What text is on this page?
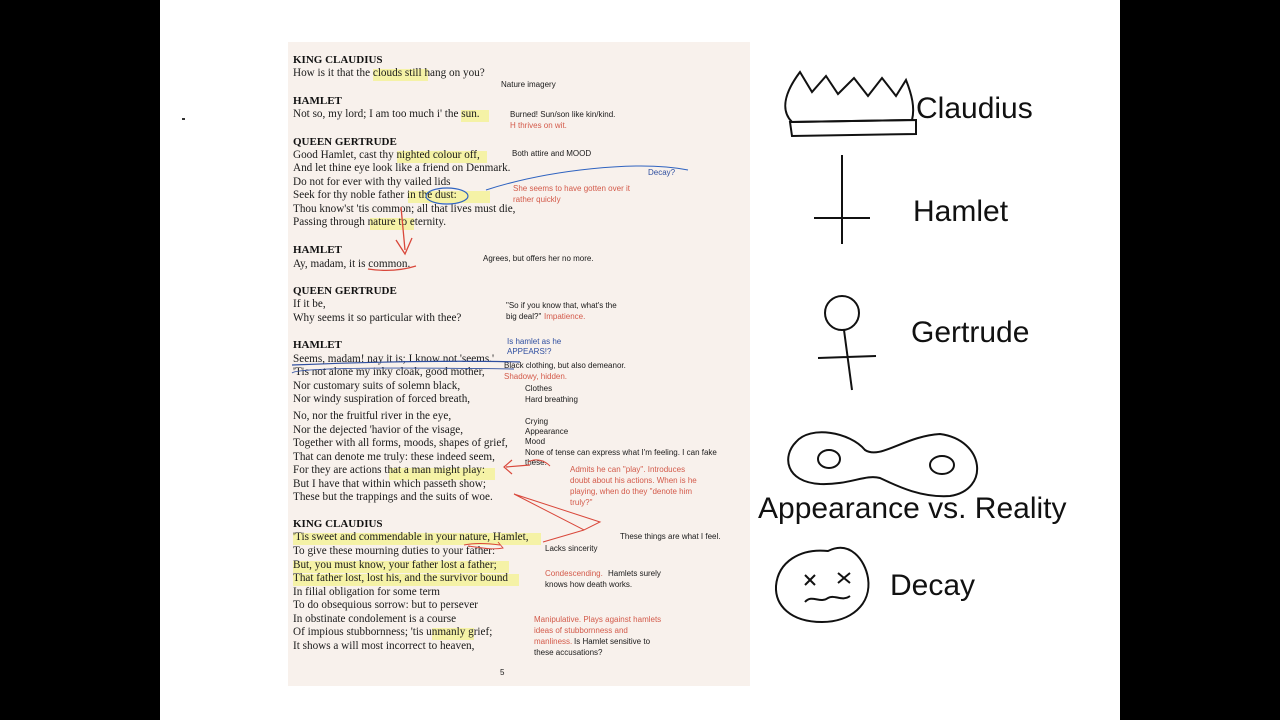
KING CLAUDIUS
How is it that the clouds still hang on you?
HAMLET
Not so, my lord; I am too much i' the sun.
QUEEN GERTRUDE
Good Hamlet, cast thy nighted colour off,
And let thine eye look like a friend on Denmark.
Do not for ever with thy vailed lids
Seek for thy noble father in the dust:
Thou know'st 'tis common; all that lives must die,
Passing through nature to eternity.
HAMLET
Ay, madam, it is common.
QUEEN GERTRUDE
If it be,
Why seems it so particular with thee?
HAMLET
Seems, madam! nay it is; I know not 'seems.'
'Tis not alone my inky cloak, good mother,
Nor customary suits of solemn black,
Nor windy suspiration of forced breath,
No, nor the fruitful river in the eye,
Nor the dejected 'havior of the visage,
Together with all forms, moods, shapes of grief,
That can denote me truly: these indeed seem,
For they are actions that a man might play:
But I have that within which passeth show;
These but the trappings and the suits of woe.
KING CLAUDIUS
'Tis sweet and commendable in your nature, Hamlet,
To give these mourning duties to your father:
But, you must know, your father lost a father;
That father lost, lost his, and the survivor bound
In filial obligation for some term
To do obsequious sorrow: but to persever
In obstinate condolement is a course
Of impious stubbornness; 'tis unmanly grief;
It shows a will most incorrect to heaven,
Nature imagery
Burned! Sun/son like kin/kind.
H thrives on wit.
Both attire and MOOD
Decay?
She seems to have gotten over it
rather quickly
Agrees, but offers her no more.
"So if you know that, what's the
big deal?" Impatience.
Is hamlet as he
APPEARS!?
Black clothing, but also demeanor.
Shadowy, hidden.
Clothes
Hard breathing
Crying
Appearance
Mood
None of tense can express what I'm feeling. I can fake
these.
Admits he can "play". Introduces
doubt about his actions. When is he
playing, when do they "denote him
truly?"
These things are what I feel.
Lacks sincerity
Condescending. Hamlets surely
knows how death works.
Manipulative. Plays against hamlets
ideas of stubbornness and
manliness. Is Hamlet sensitive to
these accusations?
5
Claudius
Hamlet
Gertrude
Appearance vs. Reality
Decay
